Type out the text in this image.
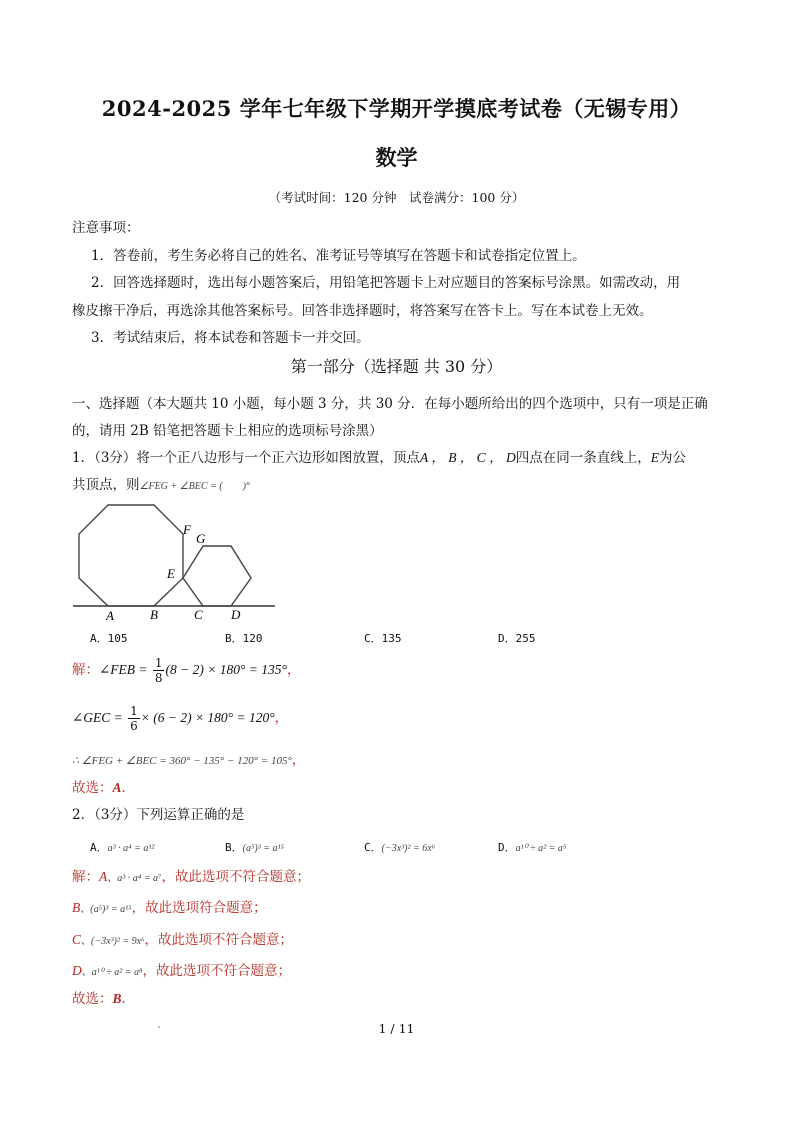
2024-2025 学年七年级下学期开学摸底考试卷（无锡专用）
数学
（考试时间：120 分钟　试卷满分：100 分）
注意事项：
1．答卷前，考生务必将自己的姓名、准考证号等填写在答题卡和试卷指定位置上。
2．回答选择题时，选出每小题答案后，用铅笔把答题卡上对应题目的答案标号涂黑。如需改动，用
橡皮擦干净后，再选涂其他答案标号。回答非选择题时，将答案写在答卡上。写在本试卷上无效。
3．考试结束后，将本试卷和答题卡一并交回。
第一部分（选择题 共 30 分）
一、选择题（本大题共 10 小题，每小题 3 分，共 30 分．在每小题所给出的四个选项中，只有一项是正确
的，请用 2B 铅笔把答题卡上相应的选项标号涂黑）
1．（3分）将一个正八边形与一个正六边形如图放置，顶点A ， B ， C ， D四点在同一条直线上，E为公
共顶点，则∠FEG + ∠BEC = (　　)°
A	B	C D
E
F
G
A．105	B．120	C．135	D．255
解：∠FEB = $\frac{1}{8} (8 - 2) \times 180^\circ = 135^\circ$，
∠GEC = $\frac{1}{6} \times (6 - 2) \times 180^\circ = 120^\circ$，
∴ ∠FEG + ∠BEC = 360° − 135° − 120° = 105°，
故选：A．
2．（3分）下列运算正确的是
A．a³ · a⁴ = a¹²	B．(a⁵)³ = a¹⁵	C．(−3x³)² = 6x⁶	D．a¹⁰ ÷ a² = a⁵
解：A、a³ · a⁴ = a⁷，故此选项不符合题意；
B、(a⁵)³ = a¹⁵，故此选项符合题意；
C、(−3x³)² = 9x⁶，故此选项不符合题意；
D、a¹⁰ ÷ a² = a⁸，故此选项不符合题意；
故选：B．
1 / 11
